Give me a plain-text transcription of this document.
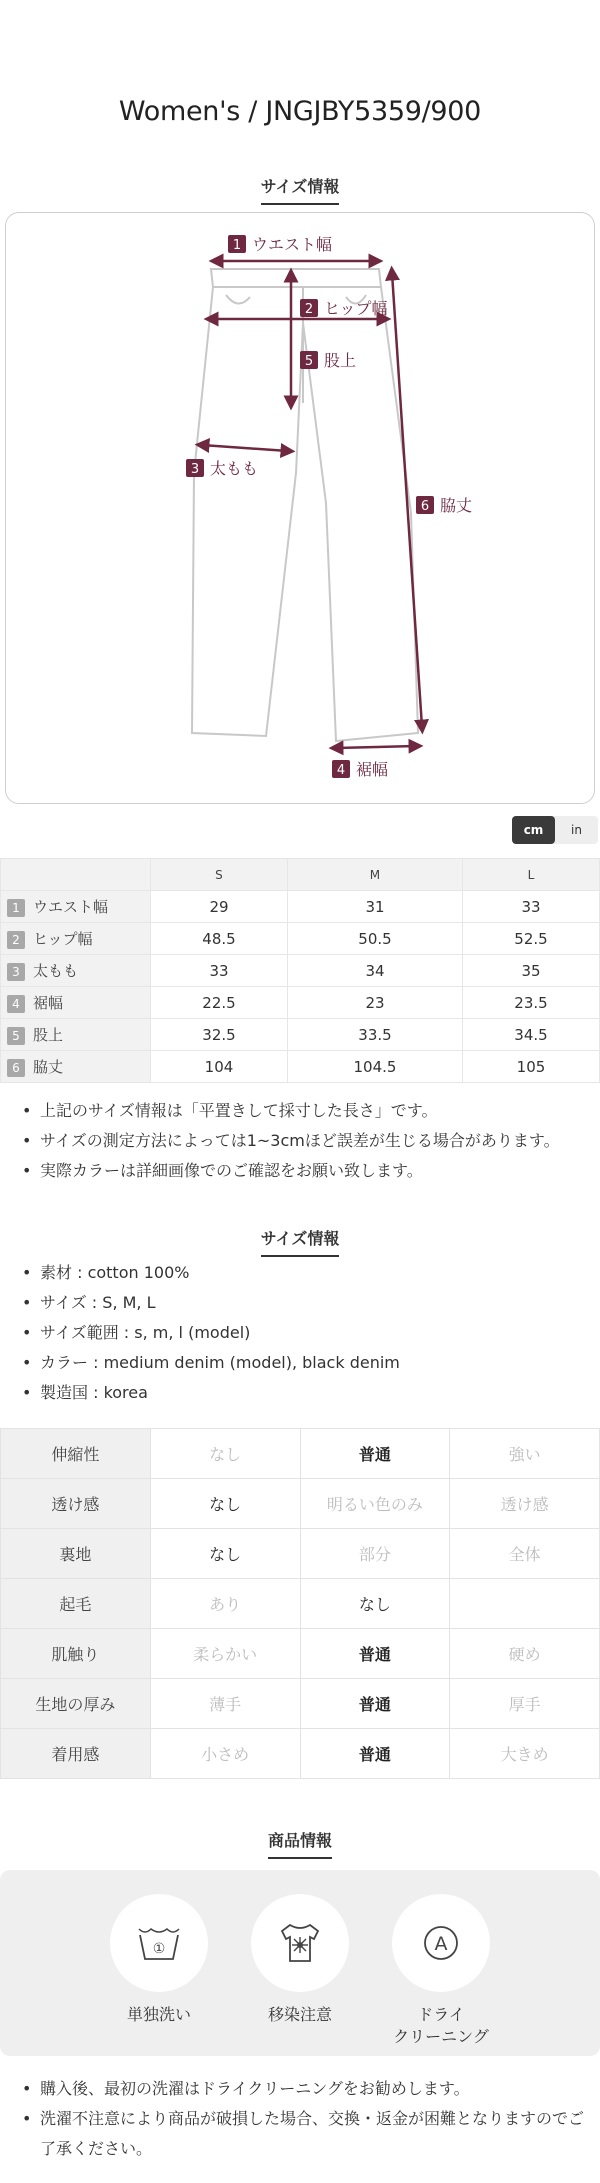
Women's / JNGJBY5359/900
サイズ情報
1 ウエスト幅
2 ヒップ幅
5 股上
3 太もも
6 脇丈
4 裾幅
cm	in
	S	M	L
1 ウエスト幅	29	31	33
2 ヒップ幅	48.5	50.5	52.5
3 太もも	33	34	35
4 裾幅	22.5	23	23.5
5 股上	32.5	33.5	34.5
6 脇丈	104	104.5	105
• 上記のサイズ情報は「平置きして採寸した長さ」です。
• サイズの測定方法によっては1~3cmほど誤差が生じる場合があります。
• 実際カラーは詳細画像でのご確認をお願い致します。
サイズ情報
• 素材 : cotton 100%
• サイズ : S, M, L
• サイズ範囲 : s, m, l (model)
• カラー : medium denim (model), black denim
• 製造国 : korea
伸縮性	なし	普通	強い
透け感	なし	明るい色のみ	透け感
裏地	なし	部分	全体
起毛	あり	なし	
肌触り	柔らかい	普通	硬め
生地の厚み	薄手	普通	厚手
着用感	小さめ	普通	大きめ
商品情報
①
単独洗い	移染注意
A
ドライ
クリーニング
• 購入後、最初の洗濯はドライクリーニングをお勧めします。
• 洗濯不注意により商品が破損した場合、交換・返金が困難となりますのでご了承ください。
